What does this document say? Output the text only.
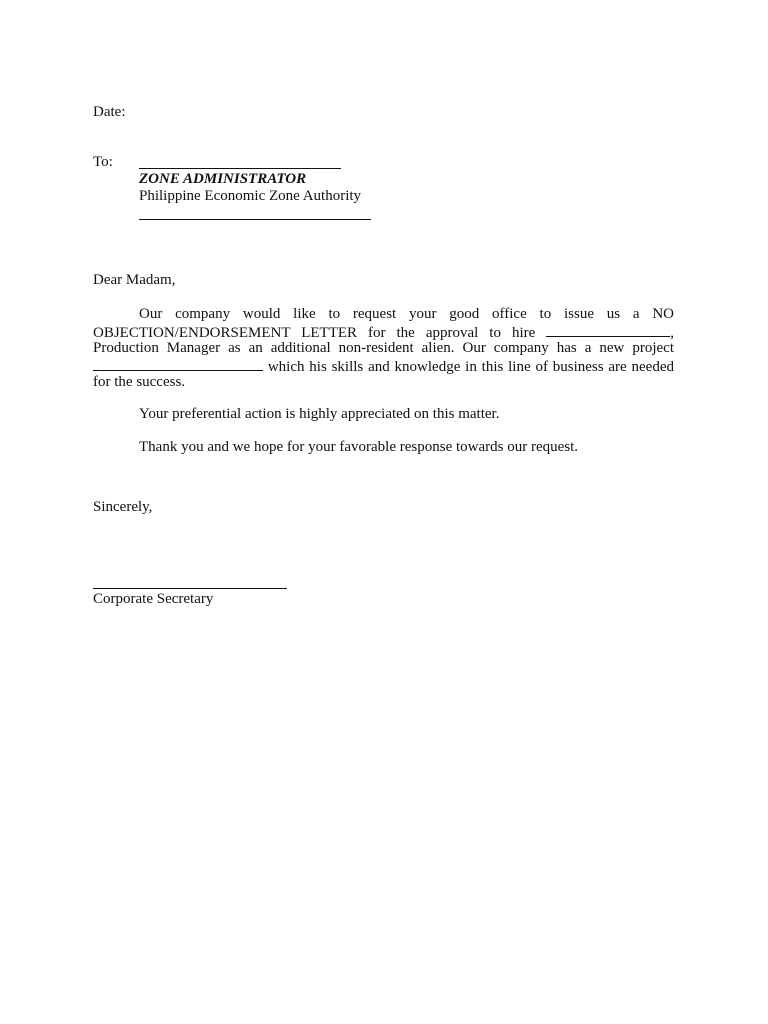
Date:
To:
ZONE ADMINISTRATOR
Philippine Economic Zone Authority
Dear Madam,
Our company would like to request your good office to issue us a NO
OBJECTION/ENDORSEMENT LETTER for the approval to hire	,
Production Manager as an additional non-resident alien. Our company has a new project
which his skills and knowledge in this line of business are needed
for the success.
Your preferential action is highly appreciated on this matter.
Thank you and we hope for your favorable response towards our request.
Sincerely,
Corporate Secretary
